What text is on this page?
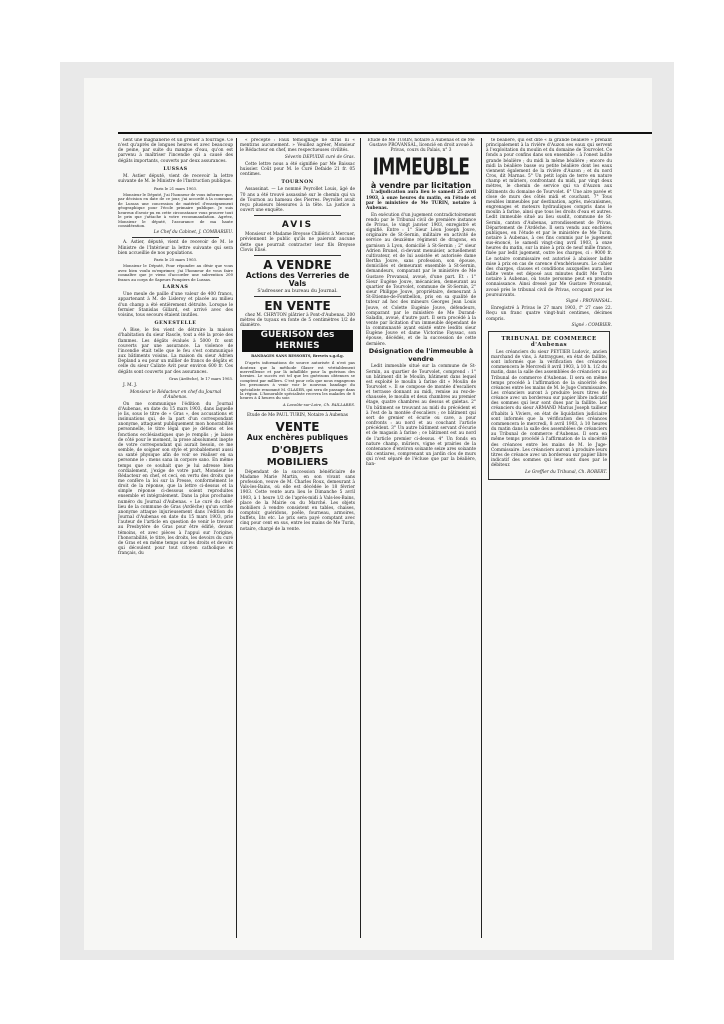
nent une magnanerie et un grenier à fourrage. Ce n'est qu'après de longues heures et avec beaucoup de peine, par suite du manque d'eau, qu'on est parvenu à maîtriser l'incendie qui a causé des dégâts importants, couverts par deux assurances.

LUSSAS

M. Astier député, vient de recevoir la lettre suivante de M. le Ministre de l'Instruction publique.

Paris le 21 mars 1903.

Monsieur le Député, J'ai l'honneur de vous informer que, par décision en date de ce jour, j'ai accordé à la commune de Lussas une concession de matériel d'enseignement géographique pour l'école primaire publique. Je suis heureux d'avoir pu en cette circonstance vous prouver tout le prix que j'attache à votre recommandation. Agréez, Monsieur le député, l'assurance de ma haute considération.

Le Chef du Cabinet, J. COMBARIEU.

A. Astier, député, vient de recevoir de M. le Ministre de l'Intérieur la lettre suivante qui sera bien accueillie de nos populations.

Paris le 25 mars 1903.

Monsieur le Député, Pour répondre au désir que vous avez bien voulu m'exprimer, j'ai l'honneur de vous faire connaître que je viens d'accorder une subvention 200 francs au corps de Sapeurs Pompiers de Lussas.

LARNAS

Une meule de paille d'une valeur de 400 francs, appartenant à M. de Lisleroy et placée au milieu d'un champ a été entièrement détruite. Lorsque le fermier Stanislas Gillard, est arrivé avec des voisins, tous secours étaient inutiles.

GENESTELLE

A Bise, le feu vient de détruire la maison d'habitation du sieur Rascle, tout a été la proie des flammes. Les dégâts évalués à 5000 fr. sont couverts par une assurance. La violence de l'incendie était telle que le feu s'est communiqué aux bâtiments voisins. La maison du sieur Adrien Depland a eu pour un millier de francs de dégâts et celle du sieur Calixte Avit pour environ 600 fr. Ces dégâts sont couverts par des assurances.

Gras (Ardèche), le 17 mars 1903.

J. M. J.

Monsieur le Rédacteur en chef du Journal d'Aubenas.

On me communique l'édition du Journal d'Aubenas, en date du 15 mars 1903, dans laquelle je lis, sous le titre de « Gras », des accusations et insinuations qui, de la part d'un correspondant anonyme, attaquent publiquement mon honorabilité personnelle, le titre légal que je détiens et les fonctions ecclésiastiques que je remplis ; je laisse de côté pour le moment, la prose absolument inepte de votre correspondant qui aurait besoin, ce me semble, de soigner son style et probablement aussi sa santé physique afin de voir se réaliser en sa personne le : mens sana in corpore sano. En même temps que ce souhait que je lui adresse bien cordialement, j'exige de votre part, Monsieur le Rédacteur en chef, et ceci, en vertu des droits que me confère la loi sur la Presse, conformément le droit de la réponse, que la lettre ci-dessus et la simple réponse ci-dessous soient reproduites ensemble et intégralement. Dans la plus prochaine numéro du Journal d'Aubenas. « Le curé du chef-lieu de la commune de Gras (Ardèche) qu'un scribe anonyme attaque injurieusement dans l'édition du Journal d'Aubenas en date du 15 mars 1903, prie l'auteur de l'article en question de venir le trouver au Presbytère de Gras pour être édifié, devant témoins, et avec pièces à l'appui sur l'origine, l'honorabilité, le titre, les droits, les devoirs du curé de Gras et en même temps sur les droits et devoirs qui découlent pour tout citoyen catholique et français, du

« précepte : Faux témoignage ne diras ni « mentiras aucunement. » Veuillez agréer, Monsieur le Rédacteur en chef, mes respectueuses civilités.

Séverin DEPUIDE curé de Gras.

Cette lettre nous a été signifiée par Me Baissac huissier. Coût pour M. le Curé Defaide 21 fr. 05 centimes.

TOURNON

Assassinat. — Le nommé Peyrollet Louis, âgé de 70 ans a été trouvé assassiné sur le chemin qui va de Tournon au hameau des Pierres. Peyrollet avait reçu plusieurs blessures à la tête. La justice a ouvert une enquête.

AVIS

Monsieur et Madame Breysse Chilléric à Mercuer, préviennent le public qu'ils ne paieront aucune dette que pourrait contracter leur fils Breysse Clovis Elisé.

A VENDRE
Actions des Verreries de Vals

S'adresser au bureau du Journal.

EN VENTE

chez M. CHRYTON plâtrier à Pont-d'Aubenas. 200 mètres de tuyaux en fonte de 5 centimètres 1/2 de diamètre.

GUERISON des HERNIES

BANDAGES SANS RESSORTS, Brevets s.g.d.g.

D'après informations de source autorisée il n'est pas douteux que la méthode Glaser est véritablement merveilleuse et par là infaillible pour la guérison des hernies. Le succès est tel que les guérisons obtenues se comptent par milliers. C'est pour cela que nous engageons les personnes à venir voir le nouveau bandage du spécialiste renommé M. GLASER, qui sera de passage dans la région. L'honorable spécialiste recevra les malades de 8 heures à 4 heures du soir.

A Lavoûte-sur-Loire, Ch. PAILLARES.

Etude de Me PAUL TURIN, Notaire à Aubenas

VENTE
Aux enchères publiques
D'OBJETS MOBILIERS

Dépendant de la succession bénéficiaire de Madame Marie Martin, en son vivant sans profession, veuve de M. Charles Roux, demeurant à Vals-les-Bains, où elle est décédée le 18 février 1903. Cette vente aura lieu le Dimanche 5 avril 1903, à 1 heure 1/2 de l'après-midi à Vals-les-Bains, place de la Mairie ou du Marché. Les objets mobiliers à vendre consistent en tables, chaises, comptoir, guéridons, poêle, fourneau, armoires, buffets, lits etc. Le prix sera payé comptant avec cinq pour cent en sus, entre les mains de Me Turin, notaire, chargé de la vente.

Etude de Me TURIN, notaire à Aubenas et de Me Gustave PROVANSAL, licencié en droit avoué à Privas, cours du Palais, n° 3

IMMEUBLE
à vendre par licitation

L'adjudication aura lieu le samedi 25 avril 1903, à onze heures du matin, en l'étude et par le ministère de Me TURIN, notaire à Aubenas.

En exécution d'un jugement contradictoirement rendu par le Tribunal civil de première instance de Privas, le vingt janvier 1903, enregistré et signifié. Entre : 1° Sieur Léon Joseph Jouve, originaire de St-Sernin, militaire en activité de service au deuxième régiment de dragons, en garnison à Lyon, domicilié à St-Sernin ; 2° sieur Adrien Brunel, ci-devant menuisier, actuellement cultivateur, et de lui assistée et autorisée dame Bertha Jouve, sans profession, son épouse, domiciliés et demeurant ensemble à St-Sernin, demandeurs, comparant par le ministère de Me Gustave Provansal, avoué, d'une part. Et : 1° Sieur Eugène Jouve, mécanicien, demeurant au quartier de Tourvolet, commune de St-Sernin, 2° sieur Philippe Jouve, propriétaire, demeurant à St-Etienne-de-Fontbellon, pris en sa qualité de tuteur ad hoc des mineurs Georges Jean Louis Jouve, et Colette Eugénie Jouve, défendeurs, comparant par le ministère de Me Durand-Saladin, avoué, d'autre part. Il sera procédé à la vente par licitation d'un immeuble dépendant de la communauté ayant existé entre lesdits sieur Eugène Jouve et dame Victorine Fayssac, son épouse, décédés, et de la succession de cette dernière.

Désignation de l'immeuble à vendre

Ledit immeuble situé sur la commune de St-Sernin, au quartier de Tourvolet, comprend : 1° un bâtiment dit le Moulin, bâtiment dans lequel est exploité le moulin à farine dit « Moulin de Tourvolet ». Il se compose de montée d'escaliers et terrasse donnant au midi, remise au rez-de-chaussée, le moulin et deux chambres au premier étage, quatre chambres au dessus et galetas. 2° Un bâtiment se trouvant au midi du précédent et à l'est de la montée d'escaliers ; ce bâtiment qui sert de grenier et écurie ou cave, a pour confronts : au nord et au couchant l'article précédent. 3° Un autre bâtiment servant d'écurie et de magasin à farine ; ce bâtiment est au nord de l'article premier ci-dessus. 4° Un fonds en nature champ, mûriers, vigne et prairies de la contenance d'environ soixante seize ares soixante dix centiares, comprenant un jardin clos de murs qui n'est séparé de l'écluse que par la béalière, han-

te béalière, qui est dite « la grande béalière » prenant principalement à la rivière d'Auzon ses eaux qui servent à l'exploitation du moulin et du domaine de Tourvolet. Ce fonds a pour confins dans son ensemble : à l'onest ladite grande béalière ; du midi la même béalière ; encore du midi la béalière basse ou petite béalière dont les eaux viennent également de la rivière d'Auzon ; et du nord Cros, dit Marnas. 5° Un petit lopin de terre en nature champ et mûriers, confrontant du midi, par vingt deux mètres, le chemin de service qui va d'Auzon aux bâtiments du domaine de Tourvolet. 6° Une aire pavée et close de murs des côtés midi et couchant. 7° Tous meubles immeubles par destination, agrès, mécanismes, engrenages et moteurs hydrauliques compris dans le moulin à farine, ainsi que tous les droits d'eau et autres. Ledit immeuble situé au lieu susdit, commune de St-Sernin, canton d'Aubenas, arrondissement de Privas, Département de l'Ardèche. Il sera vendu aux enchères publiques, en l'étude et par le ministère de Me Turin, notaire à Aubenas, à ces fins commis par le jugement sus-énoncé, le samedi vingt-cinq avril 1903, à onze heures du matin, sur la mise à prix de neuf mille francs, fixée par ledit jugement, outre les charges, ci : 9000 fr. Le notaire commissaire est autorisé à abaisser ladite mise à prix en cas de carence d'enchérisseurs. Le cahier des charges, clauses et conditions auxquelles aura lieu ladite vente est déposé aux minutes dudit Me Turin notaire à Aubenas, où toute personne peut en prendre connaissance. Ainsi dressé par Me Gustave Provansal, avoué près le tribunal civil de Privas, occupant pour les poursuivants.

Signé : PROVANSAL.

Enregistré à Privas le 27 mars 1903, f° 27 case 22. Reçu un franc quatre vingt-huit centimes, décimes compris.

Signé : COMBIER.

TRIBUNAL DE COMMERCE d'Aubenas

Les créanciers du sieur PEYTIER Ludovic, ancien marchand de vins, à Antraygues, en état de faillite, sont informés que la vérification des créances commencera le Mercredi 8 avril 1903, à 10 h. 1/2 du matin, dans la salle des assemblées de créanciers au Tribunal de commerce d'Aubenas. Il sera en même temps procédé à l'affirmation de la sincérité des créances entre les mains de M. le Juge Commissaire. Les créanciers auront à produire leurs titres de créance avec un bordereau sur papier libre indicatif des sommes qui leur sont dues par la faillite. Les créanciers du sieur ARMAND Marius Joseph tailleur d'habits à Viviers, en état de liquidation judiciaire sont informés que la vérification des créances commencera le mercredi, 8 avril 1903, à 10 heures du matin dans la salle des assemblées de créanciers au Tribunal de commerce d'Aubenas. Il sera en même temps procédé à l'affirmation de la sincérité des créances entre les mains de M. le Juge-Commissaire. Les créanciers auront à produire leurs titres de créance avec un bordereau sur papier libre indicatif des sommes qui leur sont dues par le débiteur.

Le Greffier du Tribunal, Ch. ROBERT.
